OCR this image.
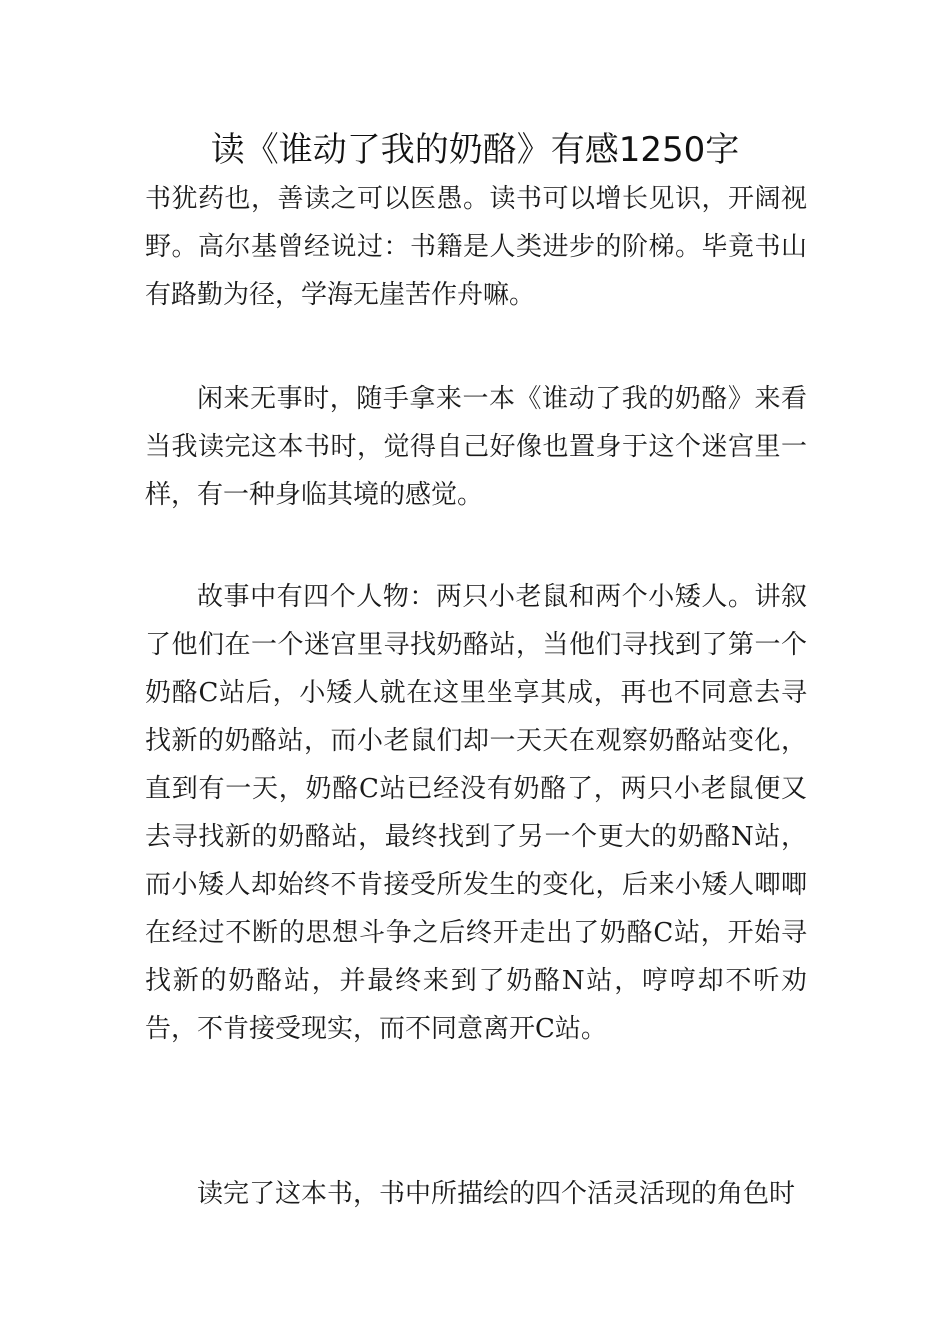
读《谁动了我的奶酪》有感1250字
书犹药也，善读之可以医愚。读书可以增长见识，开阔视野。高尔基曾经说过：书籍是人类进步的阶梯。毕竟书山有路勤为径，学海无崖苦作舟嘛。
闲来无事时，随手拿来一本《谁动了我的奶酪》来看当我读完这本书时，觉得自己好像也置身于这个迷宫里一样，有一种身临其境的感觉。
故事中有四个人物：两只小老鼠和两个小矮人。讲叙了他们在一个迷宫里寻找奶酪站，当他们寻找到了第一个奶酪C站后，小矮人就在这里坐享其成，再也不同意去寻找新的奶酪站，而小老鼠们却一天天在观察奶酪站变化，直到有一天，奶酪C站已经没有奶酪了，两只小老鼠便又去寻找新的奶酪站，最终找到了另一个更大的奶酪N站，而小矮人却始终不肯接受所发生的变化，后来小矮人唧唧在经过不断的思想斗争之后终开走出了奶酪C站，开始寻找新的奶酪站，并最终来到了奶酪N站，哼哼却不听劝告，不肯接受现实，而不同意离开C站。
读完了这本书，书中所描绘的四个活灵活现的角色时
